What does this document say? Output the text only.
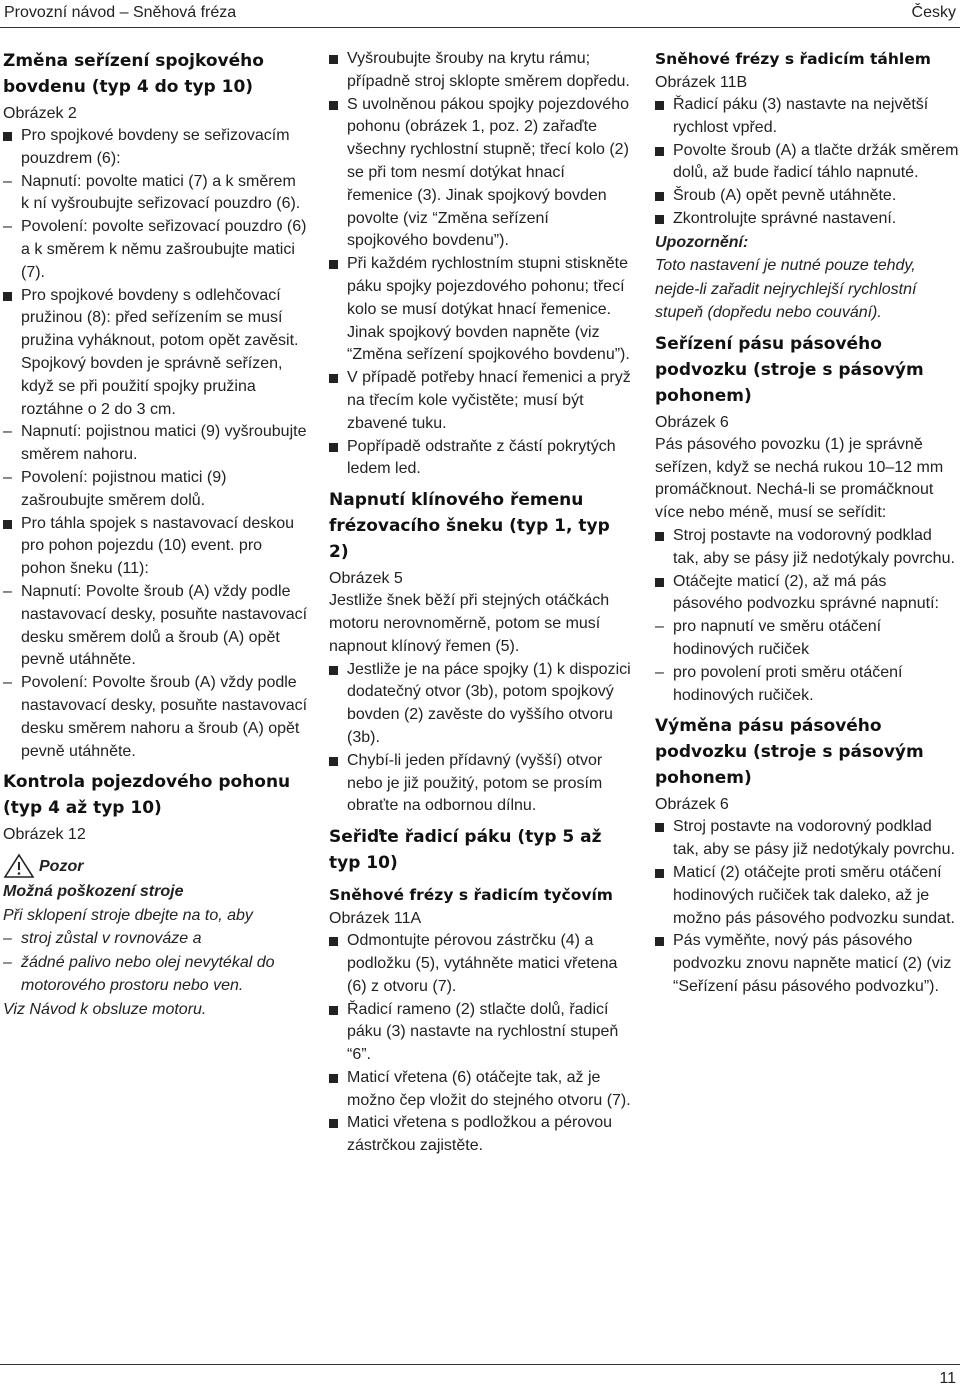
Provozní návod – Sněhová fréza	Česky
Změna seřízení spojkového bovdenu (typ 4 do typ 10)
Obrázek 2
Pro spojkové bovdeny se seřizovacím pouzdrem (6):
– Napnutí: povolte matici (7) a k směrem k ní vyšroubujte seřizovací pouzdro (6).
– Povolení: povolte seřizovací pouzdro (6) a k směrem k němu zašroubujte matici (7).
Pro spojkové bovdeny s odlehčovací pružinou (8): před seřízením se musí pružina vyháknout, potom opět zavěsit. Spojkový bovden je správně seřízen, když se při použití spojky pružina roztáhne o 2 do 3 cm.
– Napnutí: pojistnou matici (9) vyšroubujte směrem nahoru.
– Povolení: pojistnou matici (9) zašroubujte směrem dolů.
Pro táhla spojek s nastavovací deskou pro pohon pojezdu (10) event. pro pohon šneku (11):
– Napnutí: Povolte šroub (A) vždy podle nastavovací desky, posuňte nastavovací desku směrem dolů a šroub (A) opět pevně utáhněte.
– Povolení: Povolte šroub (A) vždy podle nastavovací desky, posuňte nastavovací desku směrem nahoru a šroub (A) opět pevně utáhněte.
Kontrola pojezdového pohonu (typ 4 až typ 10)
Obrázek 12
Pozor
Možná poškození stroje
Při sklopení stroje dbejte na to, aby
– stroj zůstal v rovnováze a
– žádné palivo nebo olej nevytékal do motorového prostoru nebo ven.
Viz Návod k obsluze motoru.
Vyšroubujte šrouby na krytu rámu; případně stroj sklopte směrem dopředu.
S uvolněnou pákou spojky pojezdového pohonu (obrázek 1, poz. 2) zařaďte všechny rychlostní stupně; třecí kolo (2) se při tom nesmí dotýkat hnací řemenice (3). Jinak spojkový bovden povolte (viz “Změna seřízení spojkového bovdenu”).
Při každém rychlostním stupni stiskněte páku spojky pojezdového pohonu; třecí kolo se musí dotýkat hnací řemenice. Jinak spojkový bovden napněte (viz “Změna seřízení spojkového bovdenu”).
V případě potřeby hnací řemenici a pryž na třecím kole vyčistěte; musí být zbavené tuku.
Popřípadě odstraňte z částí pokrytých ledem led.
Napnutí klínového řemenu frézovacího šneku (typ 1, typ 2)
Obrázek 5
Jestliže šnek běží při stejných otáčkách motoru nerovnoměrně, potom se musí napnout klínový řemen (5).
Jestliže je na páce spojky (1) k dispozici dodatečný otvor (3b), potom spojkový bovden (2) zavěste do vyššího otvoru (3b).
Chybí-li jeden přídavný (vyšší) otvor nebo je již použitý, potom se prosím obraťte na odbornou dílnu.
Seřiďte řadicí páku (typ 5 až typ 10)
Sněhové frézy s řadicím tyčovím
Obrázek 11A
Odmontujte pérovou zástrčku (4) a podložku (5), vytáhněte matici vřetena (6) z otvoru (7).
Řadicí rameno (2) stlačte dolů, řadicí páku (3) nastavte na rychlostní stupeň “6”.
Maticí vřetena (6) otáčejte tak, až je možno čep vložit do stejného otvoru (7).
Matici vřetena s podložkou a pérovou zástrčkou zajistěte.
Sněhové frézy s řadicím táhlem
Obrázek 11B
Řadicí páku (3) nastavte na největší rychlost vpřed.
Povolte šroub (A) a tlačte držák směrem dolů, až bude řadicí táhlo napnuté.
Šroub (A) opět pevně utáhněte.
Zkontrolujte správné nastavení.
Upozornění:
Toto nastavení je nutné pouze tehdy, nejde-li zařadit nejrychlejší rychlostní stupeň (dopředu nebo couvání).
Seřízení pásu pásového podvozku (stroje s pásovým pohonem)
Obrázek 6
Pás pásového povozku (1) je správně seřízen, když se nechá rukou 10–12 mm promáčknout. Nechá-li se promáčknout více nebo méně, musí se seřídit:
Stroj postavte na vodorovný podklad tak, aby se pásy již nedotýkaly povrchu.
Otáčejte maticí (2), až má pás pásového podvozku správné napnutí:
– pro napnutí ve směru otáčení hodinových ručiček
– pro povolení proti směru otáčení hodinových ručiček.
Výměna pásu pásového podvozku (stroje s pásovým pohonem)
Obrázek 6
Stroj postavte na vodorovný podklad tak, aby se pásy již nedotýkaly povrchu.
Maticí (2) otáčejte proti směru otáčení hodinových ručiček tak daleko, až je možno pás pásového podvozku sundat.
Pás vyměňte, nový pás pásového podvozku znovu napněte maticí (2) (viz “Seřízení pásu pásového podvozku”).
11
